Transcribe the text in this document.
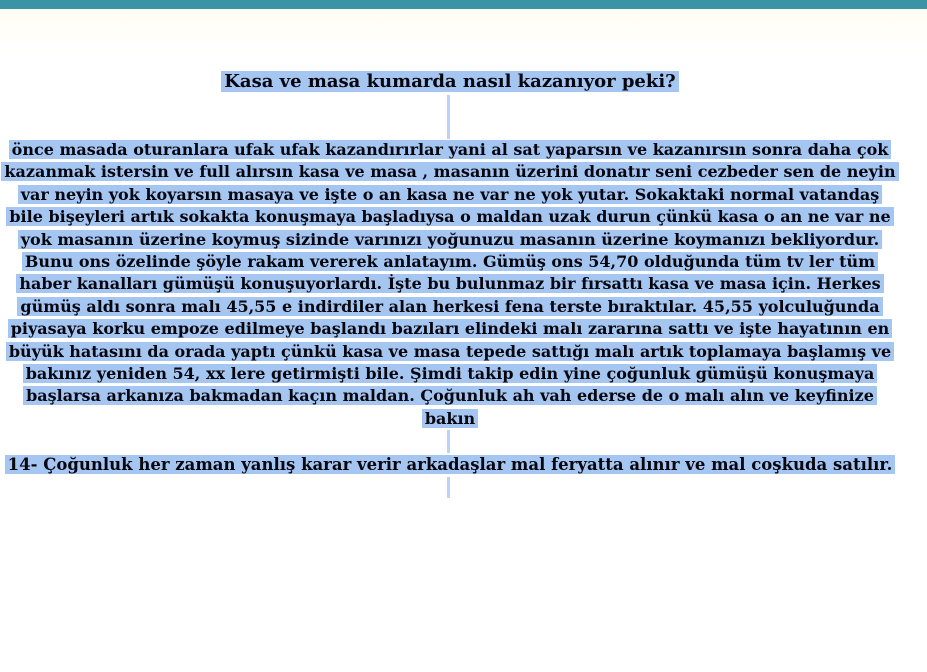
Kasa ve masa kumarda nasıl kazanıyor peki?
önce masada oturanlara ufak ufak kazandırırlar yani al sat yaparsın ve kazanırsın sonra daha çok
kazanmak istersin ve full alırsın kasa ve masa , masanın üzerini donatır seni cezbeder sen de neyin
var neyin yok koyarsın masaya ve işte o an kasa ne var ne yok yutar. Sokaktaki normal vatandaş
bile bişeyleri artık sokakta konuşmaya başladıysa o maldan uzak durun çünkü kasa o an ne var ne
yok masanın üzerine koymuş sizinde varınızı yoğunuzu masanın üzerine koymanızı bekliyordur.
Bunu ons özelinde şöyle rakam vererek anlatayım. Gümüş ons 54,70 olduğunda tüm tv ler tüm
haber kanalları gümüşü konuşuyorlardı. İşte bu bulunmaz bir fırsattı kasa ve masa için. Herkes
gümüş aldı sonra malı 45,55 e indirdiler alan herkesi fena terste bıraktılar. 45,55 yolculuğunda
piyasaya korku empoze edilmeye başlandı bazıları elindeki malı zararına sattı ve işte hayatının en
büyük hatasını da orada yaptı çünkü kasa ve masa tepede sattığı malı artık toplamaya başlamış ve
bakınız yeniden 54, xx lere getirmişti bile. Şimdi takip edin yine çoğunluk gümüşü konuşmaya
başlarsa arkanıza bakmadan kaçın maldan. Çoğunluk ah vah ederse de o malı alın ve keyfinize
bakın
14- Çoğunluk her zaman yanlış karar verir arkadaşlar mal feryatta alınır ve mal coşkuda satılır.
